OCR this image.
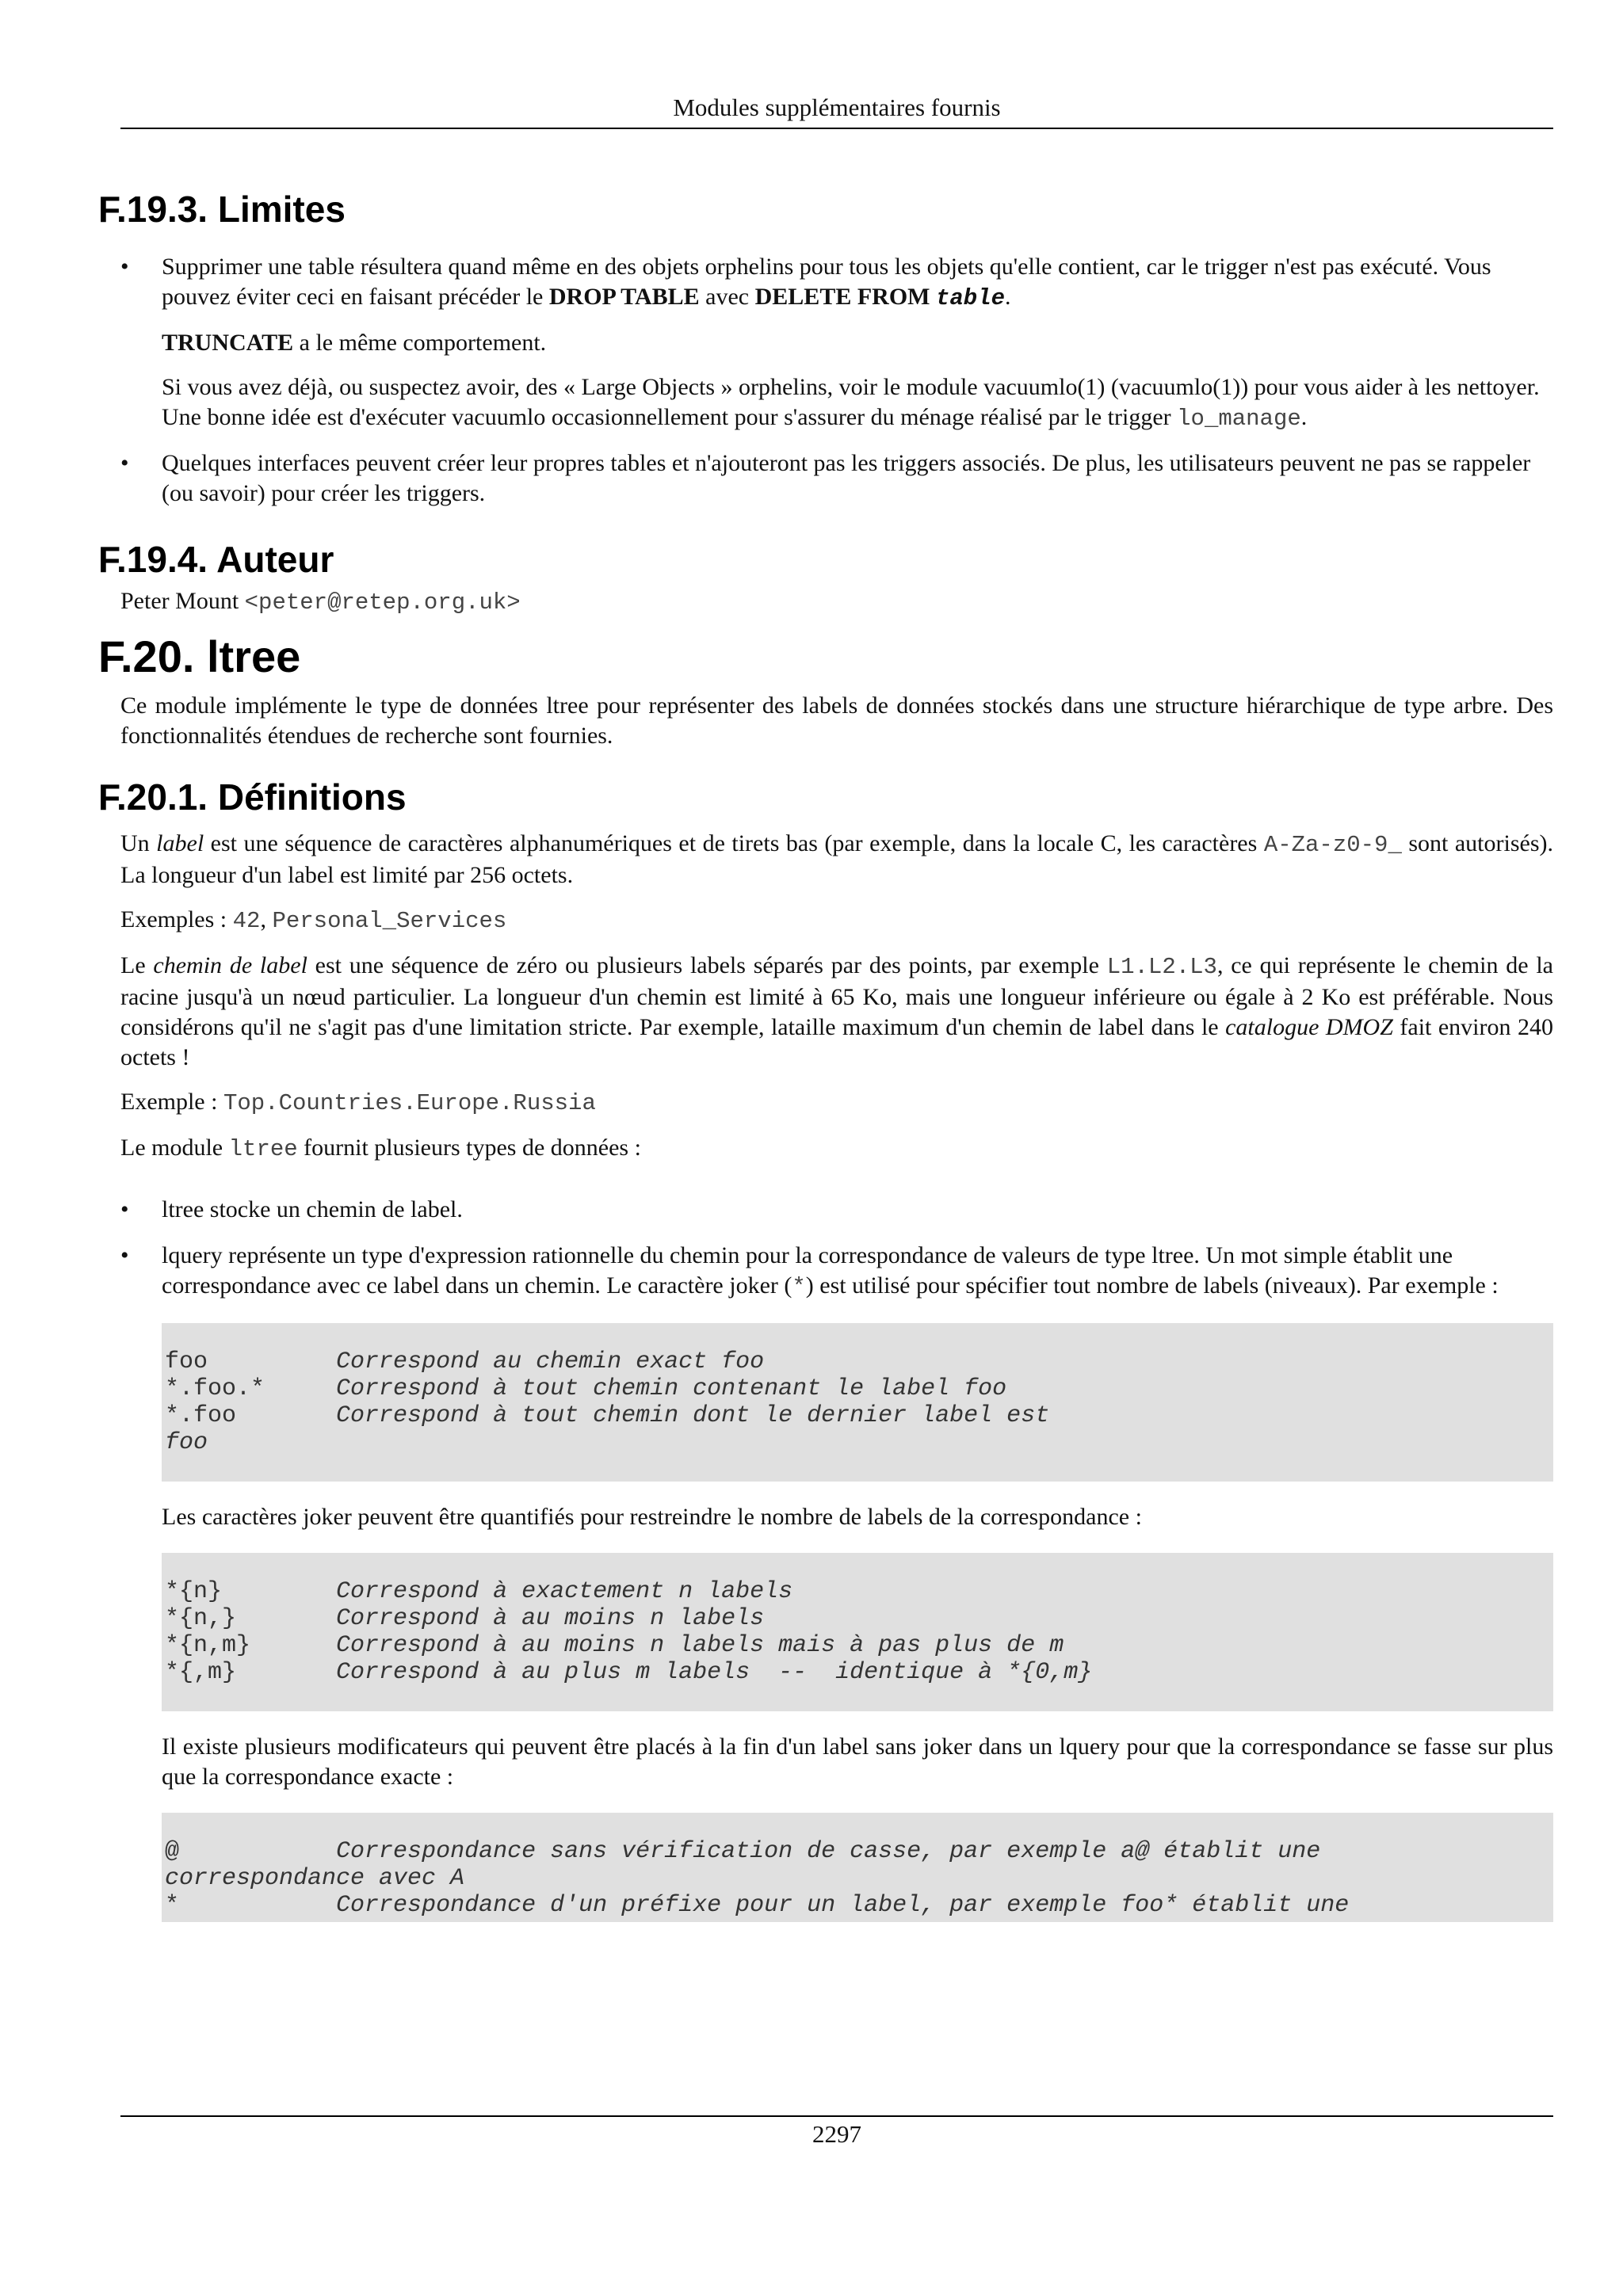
Modules supplémentaires fournis
F.19.3. Limites
• Supprimer une table résultera quand même en des objets orphelins pour tous les objets qu'elle contient, car le trigger n'est pas exécuté. Vous pouvez éviter ceci en faisant précéder le DROP TABLE avec DELETE FROM table.

TRUNCATE a le même comportement.

Si vous avez déjà, ou suspectez avoir, des « Large Objects » orphelins, voir le module vacuumlo(1) (vacuumlo(1)) pour vous aider à les nettoyer. Une bonne idée est d'exécuter vacuumlo occasionnellement pour s'assurer du ménage réalisé par le trigger lo_manage.

• Quelques interfaces peuvent créer leur propres tables et n'ajouteront pas les triggers associés. De plus, les utilisateurs peuvent ne pas se rappeler (ou savoir) pour créer les triggers.

F.19.4. Auteur

Peter Mount <peter@retep.org.uk>

F.20. ltree

Ce module implémente le type de données ltree pour représenter des labels de données stockés dans une structure hiérarchique de type arbre. Des fonctionnalités étendues de recherche sont fournies.

F.20.1. Définitions

Un label est une séquence de caractères alphanumériques et de tirets bas (par exemple, dans la locale C, les caractères A-Za-z0-9_ sont autorisés). La longueur d'un label est limité par 256 octets.

Exemples : 42, Personal_Services

Le chemin de label est une séquence de zéro ou plusieurs labels séparés par des points, par exemple L1.L2.L3, ce qui représente le chemin de la racine jusqu'à un nœud particulier. La longueur d'un chemin est limité à 65 Ko, mais une longueur inférieure ou égale à 2 Ko est préférable. Nous considérons qu'il ne s'agit pas d'une limitation stricte. Par exemple, lataille maximum d'un chemin de label dans le catalogue DMOZ fait environ 240 octets !

Exemple : Top.Countries.Europe.Russia

Le module ltree fournit plusieurs types de données :

• ltree stocke un chemin de label.

• lquery représente un type d'expression rationnelle du chemin pour la correspondance de valeurs de type ltree. Un mot simple établit une correspondance avec ce label dans un chemin. Le caractère joker (*) est utilisé pour spécifier tout nombre de labels (niveaux). Par exemple :

foo         Correspond au chemin exact foo
*.foo.*     Correspond à tout chemin contenant le label foo
*.foo       Correspond à tout chemin dont le dernier label est
foo

Les caractères joker peuvent être quantifiés pour restreindre le nombre de labels de la correspondance :

*{n}        Correspond à exactement n labels
*{n,}       Correspond à au moins n labels
*{n,m}      Correspond à au moins n labels mais à pas plus de m
*{,m}       Correspond à au plus m labels  --  identique à *{0,m}

Il existe plusieurs modificateurs qui peuvent être placés à la fin d'un label sans joker dans un lquery pour que la correspondance se fasse sur plus que la correspondance exacte :

@           Correspondance sans vérification de casse, par exemple a@ établit une
correspondance avec A
*           Correspondance d'un préfixe pour un label, par exemple foo* établit une
2297
